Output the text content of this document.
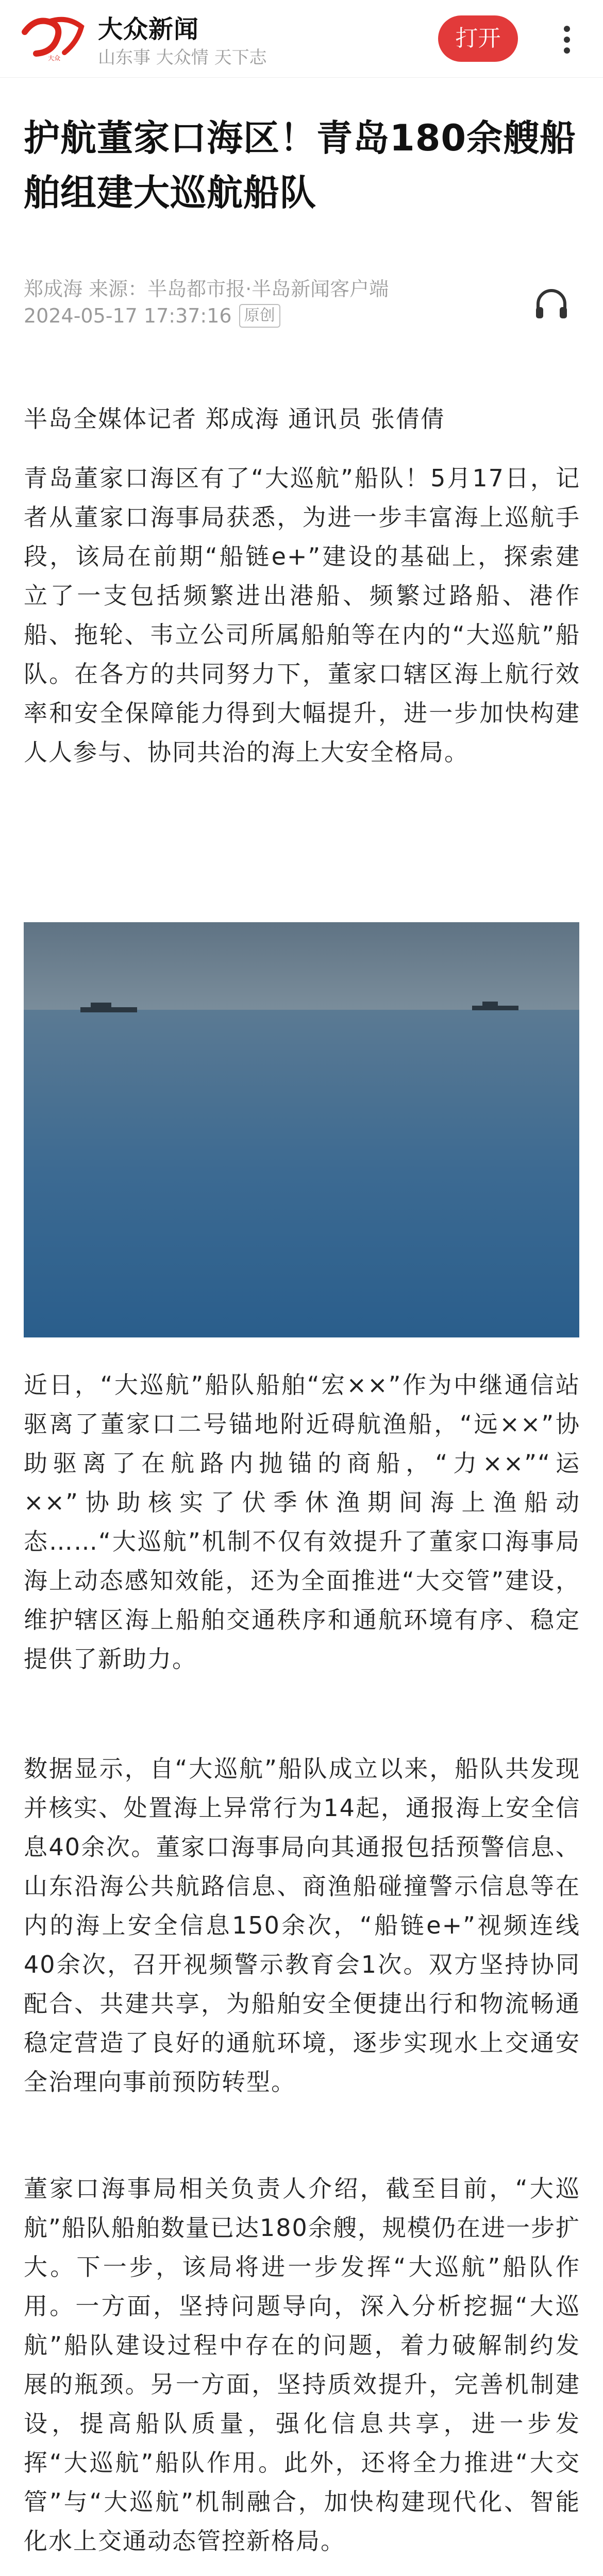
大众
大众新闻
山东事 大众情 天下志
打开
护航董家口海区！青岛180余艘船舶组建大巡航船队
郑成海 来源：半岛都市报·半岛新闻客户端
2024-05-17 17:37:16 原创
半岛全媒体记者 郑成海 通讯员 张倩倩
青岛董家口海区有了“大巡航”船队！5月17日，记者从董家口海事局获悉，为进一步丰富海上巡航手段，该局在前期“船链e+”建设的基础上，探索建立了一支包括频繁进出港船、频繁过路船、港作船、拖轮、韦立公司所属船舶等在内的“大巡航”船队。在各方的共同努力下，董家口辖区海上航行效率和安全保障能力得到大幅提升，进一步加快构建人人参与、协同共治的海上大安全格局。
近日，“大巡航”船队船舶“宏××”作为中继通信站驱离了董家口二号锚地附近碍航渔船，“远××”协助驱离了在航路内抛锚的商船，“力××”“运××”协助核实了伏季休渔期间海上渔船动态……“大巡航”机制不仅有效提升了董家口海事局海上动态感知效能，还为全面推进“大交管”建设，维护辖区海上船舶交通秩序和通航环境有序、稳定提供了新助力。
数据显示，自“大巡航”船队成立以来，船队共发现并核实、处置海上异常行为14起，通报海上安全信息40余次。董家口海事局向其通报包括预警信息、山东沿海公共航路信息、商渔船碰撞警示信息等在内的海上安全信息150余次，“船链e+”视频连线40余次，召开视频警示教育会1次。双方坚持协同配合、共建共享，为船舶安全便捷出行和物流畅通稳定营造了良好的通航环境，逐步实现水上交通安全治理向事前预防转型。
董家口海事局相关负责人介绍，截至目前，“大巡航”船队船舶数量已达180余艘，规模仍在进一步扩大。下一步，该局将进一步发挥“大巡航”船队作用。一方面，坚持问题导向，深入分析挖掘“大巡航”船队建设过程中存在的问题，着力破解制约发展的瓶颈。另一方面，坚持质效提升，完善机制建设，提高船队质量，强化信息共享，进一步发挥“大巡航”船队作用。此外，还将全力推进“大交管”与“大巡航”机制融合，加快构建现代化、智能化水上交通动态管控新格局。
